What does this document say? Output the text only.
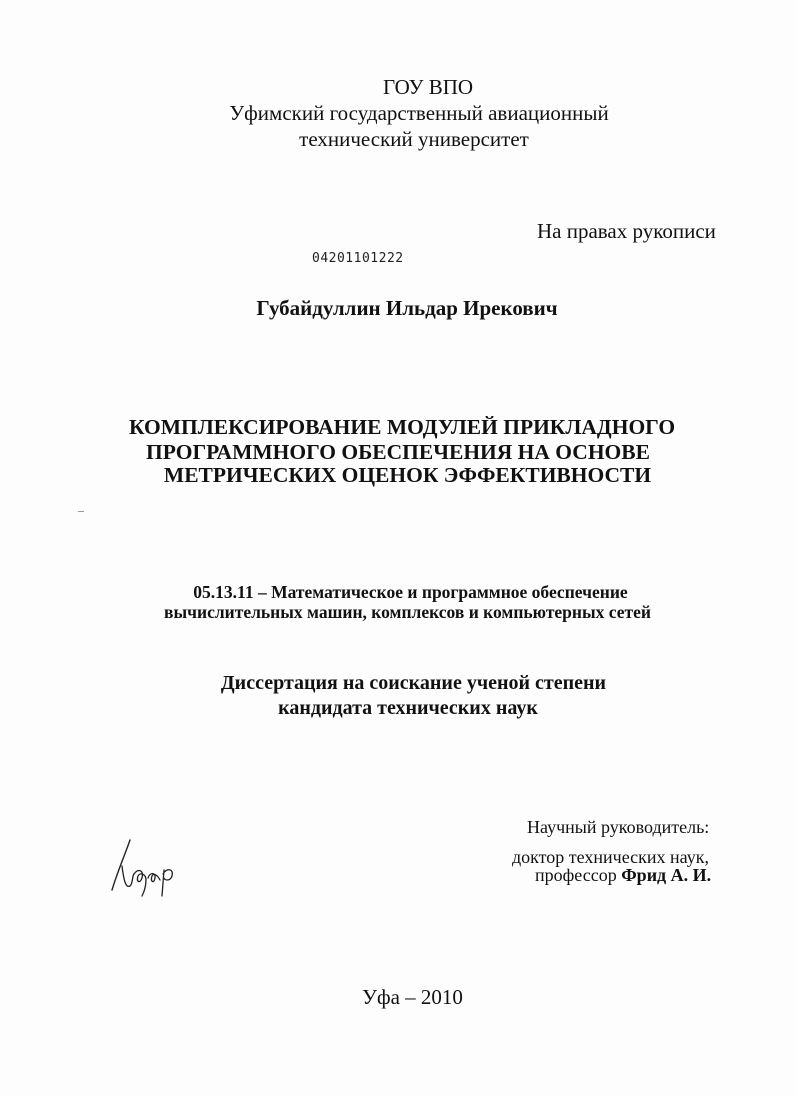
ГОУ ВПО
Уфимский государственный авиационный
технический университет
На правах рукописи
04201101222
Губайдуллин Ильдар Ирекович
КОМПЛЕКСИРОВАНИЕ МОДУЛЕЙ ПРИКЛАДНОГО
ПРОГРАММНОГО ОБЕСПЕЧЕНИЯ НА ОСНОВЕ
МЕТРИЧЕСКИХ ОЦЕНОК ЭФФЕКТИВНОСТИ
05.13.11 – Математическое и программное обеспечение
вычислительных машин, комплексов и компьютерных сетей
Диссертация на соискание ученой степени
кандидата технических наук
Научный руководитель:
доктор технических наук,
профессор Фрид А. И.
Уфа – 2010
